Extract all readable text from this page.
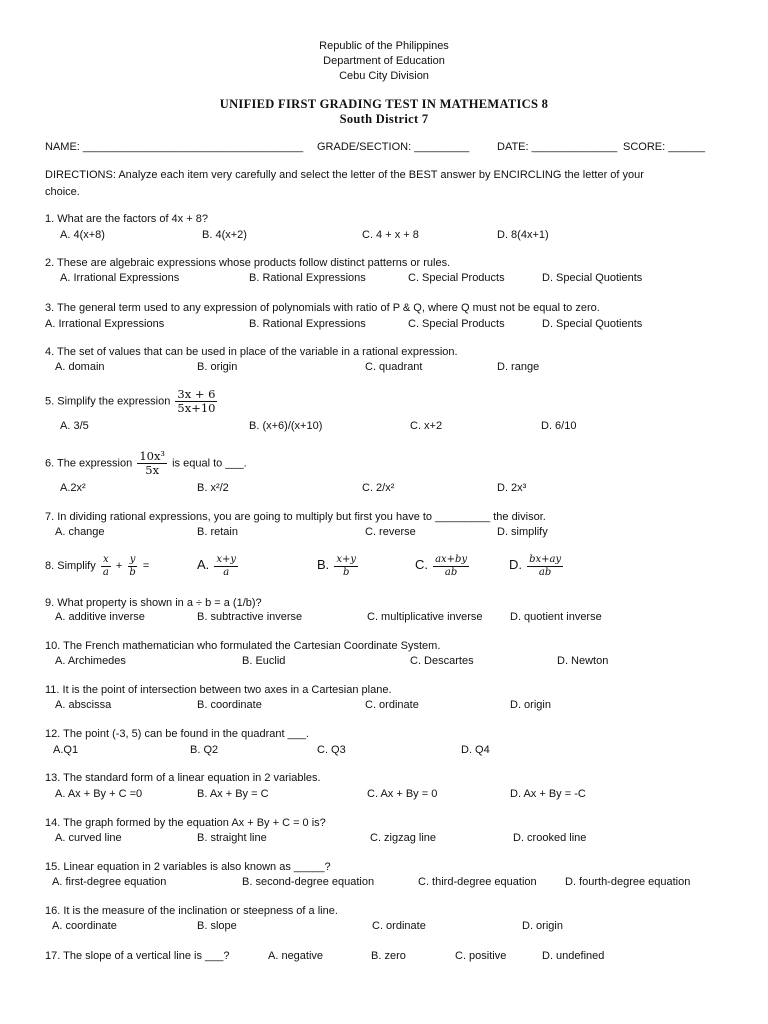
Republic of the Philippines
Department of Education
Cebu City Division
UNIFIED FIRST GRADING TEST IN MATHEMATICS 8
South District 7
NAME: ____________________________________ GRADE/SECTION: _________	DATE: ______________ SCORE: ______
DIRECTIONS: Analyze each item very carefully and select the letter of the BEST answer by ENCIRCLING the letter of your
choice.
1. What are the factors of 4x + 8?
A. 4(x+8)	B. 4(x+2)	C. 4 + x + 8	D. 8(4x+1)
2. These are algebraic expressions whose products follow distinct patterns or rules.
A. Irrational Expressions	B. Rational Expressions	C. Special Products	D. Special Quotients
3. The general term used to any expression of polynomials with ratio of P & Q, where Q must not be equal to zero.
A. Irrational Expressions	B. Rational Expressions	C. Special Products	D. Special Quotients
4. The set of values that can be used in place of the variable in a rational expression.
A. domain	B. origin	C. quadrant	D. range
5. Simplify the expression $\frac{3x + 6}{5x+10}$
A. 3/5	B. (x+6)/(x+10)	C. x+2	D. 6/10
6. The expression $\frac{\text{10x³}}{5x}$ is equal to ___.
A.2x²	B. x²/2	C. 2/x²	D. 2x³
7. In dividing rational expressions, you are going to multiply but first you have to _________ the divisor.
A. change	B. retain	C. reverse	D. simplify
8. Simplify $\frac{x}{a} + \frac{y}{b}$ =	A. $\frac{x+y}{a}$	B. $\frac{x+y}{b}$	C. $\frac{ax+by}{ab}$	D. $\frac{bx+ay}{ab}$
9. What property is shown in a ÷ b = a (1/b)?
A. additive inverse	B. subtractive inverse	C. multiplicative inverse D. quotient inverse
10. The French mathematician who formulated the Cartesian Coordinate System.
A. Archimedes	B. Euclid	C. Descartes	D. Newton
11. It is the point of intersection between two axes in a Cartesian plane.
A. abscissa	B. coordinate	C. ordinate	D. origin
12. The point (-3, 5) can be found in the quadrant ___.
A.Q1	B. Q2	C. Q3	D. Q4
13. The standard form of a linear equation in 2 variables.
A. Ax + By + C =0	B. Ax + By = C	C. Ax + By = 0	D. Ax + By = -C
14. The graph formed by the equation Ax + By + C = 0 is?
A. curved line	B. straight line	C. zigzag line	D. crooked line
15. Linear equation in 2 variables is also known as _____?
A. first-degree equation	B. second-degree equation	C. third-degree equation	D. fourth-degree equation
16. It is the measure of the inclination or steepness of a line.
A. coordinate	B. slope	C. ordinate	D. origin
17. The slope of a vertical line is ___?	A. negative	B. zero	C. positive	D. undefined
